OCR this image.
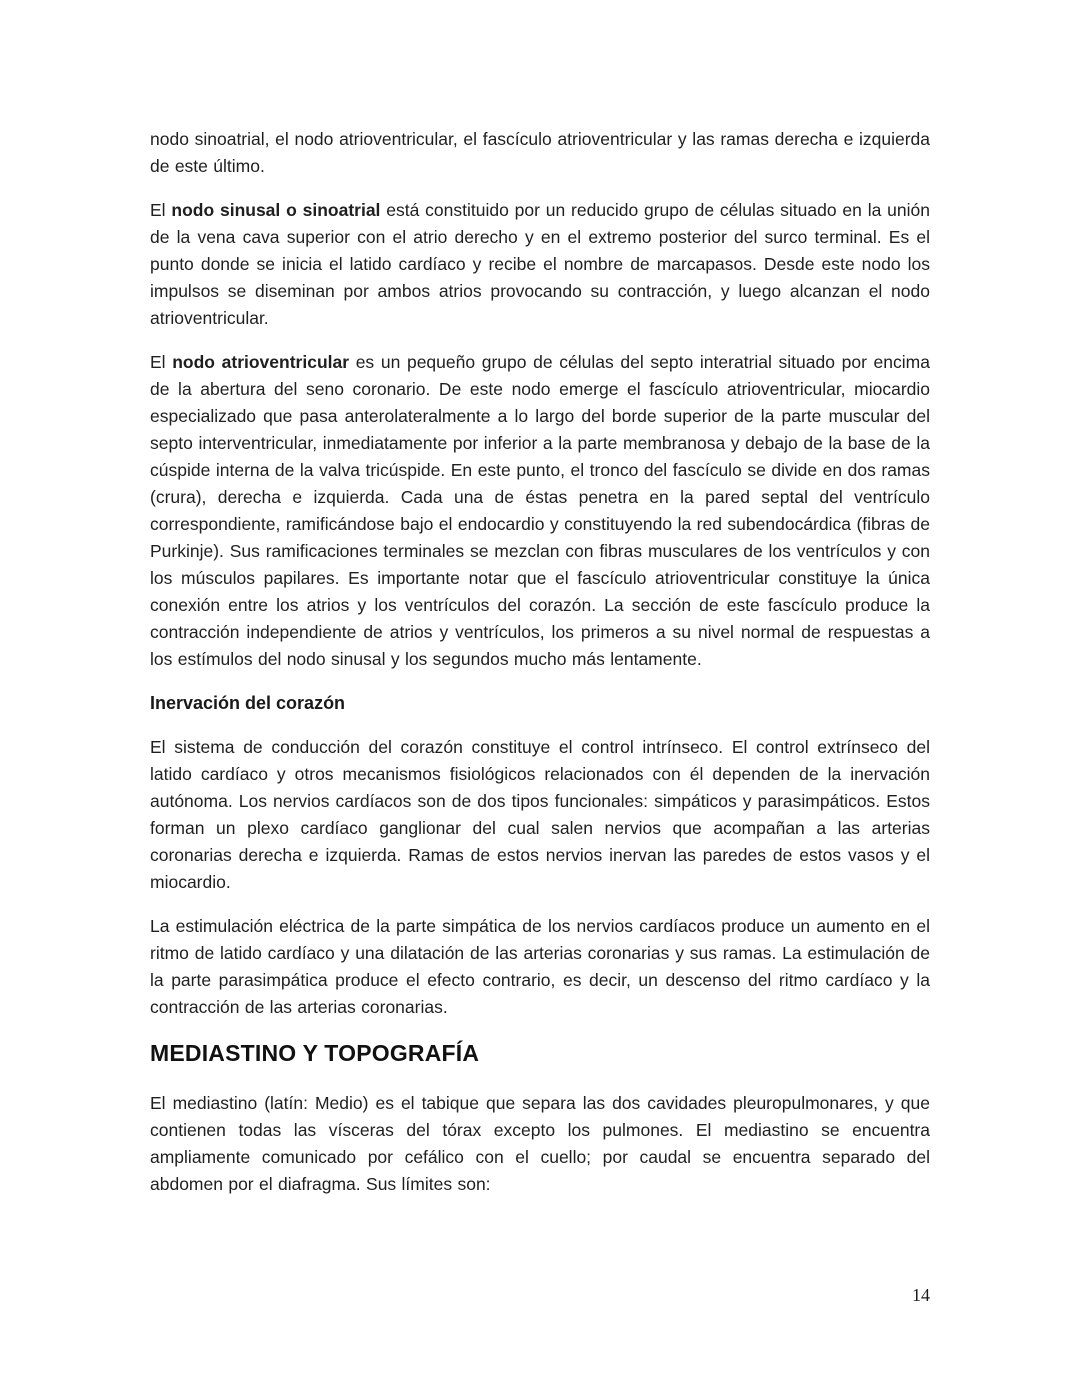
nodo sinoatrial, el nodo atrioventricular, el fascículo atrioventricular y las ramas derecha e izquierda de este último.

El nodo sinusal o sinoatrial está constituido por un reducido grupo de células situado en la unión de la vena cava superior con el atrio derecho y en el extremo posterior del surco terminal. Es el punto donde se inicia el latido cardíaco y recibe el nombre de marcapasos. Desde este nodo los impulsos se diseminan por ambos atrios provocando su contracción, y luego alcanzan el nodo atrioventricular.

El nodo atrioventricular es un pequeño grupo de células del septo interatrial situado por encima de la abertura del seno coronario. De este nodo emerge el fascículo atrioventricular, miocardio especializado que pasa anterolateralmente a lo largo del borde superior de la parte muscular del septo interventricular, inmediatamente por inferior a la parte membranosa y debajo de la base de la cúspide interna de la valva tricúspide. En este punto, el tronco del fascículo se divide en dos ramas (crura), derecha e izquierda. Cada una de éstas penetra en la pared septal del ventrículo correspondiente, ramificándose bajo el endocardio y constituyendo la red subendocárdica (fibras de Purkinje). Sus ramificaciones terminales se mezclan con fibras musculares de los ventrículos y con los músculos papilares. Es importante notar que el fascículo atrioventricular constituye la única conexión entre los atrios y los ventrículos del corazón. La sección de este fascículo produce la contracción independiente de atrios y ventrículos, los primeros a su nivel normal de respuestas a los estímulos del nodo sinusal y los segundos mucho más lentamente.

Inervación del corazón

El sistema de conducción del corazón constituye el control intrínseco. El control extrínseco del latido cardíaco y otros mecanismos fisiológicos relacionados con él dependen de la inervación autónoma. Los nervios cardíacos son de dos tipos funcionales: simpáticos y parasimpáticos. Estos forman un plexo cardíaco ganglionar del cual salen nervios que acompañan a las arterias coronarias derecha e izquierda. Ramas de estos nervios inervan las paredes de estos vasos y el miocardio.

La estimulación eléctrica de la parte simpática de los nervios cardíacos produce un aumento en el ritmo de latido cardíaco y una dilatación de las arterias coronarias y sus ramas. La estimulación de la parte parasimpática produce el efecto contrario, es decir, un descenso del ritmo cardíaco y la contracción de las arterias coronarias.

MEDIASTINO Y TOPOGRAFÍA

El mediastino (latín: Medio) es el tabique que separa las dos cavidades pleuropulmonares, y que contienen todas las vísceras del tórax excepto los pulmones. El mediastino se encuentra ampliamente comunicado por cefálico con el cuello; por caudal se encuentra separado del abdomen por el diafragma. Sus límites son:

14
